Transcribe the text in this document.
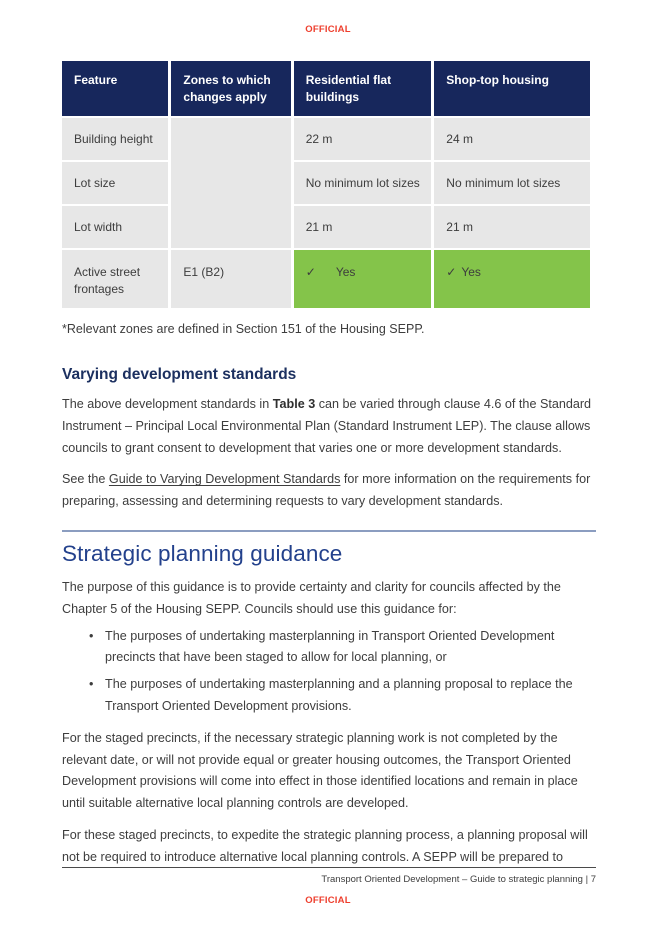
OFFICIAL
Feature	Zones to which changes apply	Residential flat buildings	Shop-top housing
Building height		22 m	24 m
Lot size		No minimum lot sizes	No minimum lot sizes
Lot width		21 m	21 m
Active street frontages	E1 (B2)	✓ Yes	✓ Yes

*Relevant zones are defined in Section 151 of the Housing SEPP.

Varying development standards

The above development standards in Table 3 can be varied through clause 4.6 of the Standard Instrument – Principal Local Environmental Plan (Standard Instrument LEP). The clause allows councils to grant consent to development that varies one or more development standards.

See the Guide to Varying Development Standards for more information on the requirements for preparing, assessing and determining requests to vary development standards.

Strategic planning guidance

The purpose of this guidance is to provide certainty and clarity for councils affected by the Chapter 5 of the Housing SEPP. Councils should use this guidance for:

• The purposes of undertaking masterplanning in Transport Oriented Development precincts that have been staged to allow for local planning, or
• The purposes of undertaking masterplanning and a planning proposal to replace the Transport Oriented Development provisions.

For the staged precincts, if the necessary strategic planning work is not completed by the relevant date, or will not provide equal or greater housing outcomes, the Transport Oriented Development provisions will come into effect in those identified locations and remain in place until suitable alternative local planning controls are developed.

For these staged precincts, to expedite the strategic planning process, a planning proposal will not be required to introduce alternative local planning controls. A SEPP will be prepared to

Transport Oriented Development – Guide to strategic planning | 7
OFFICIAL
